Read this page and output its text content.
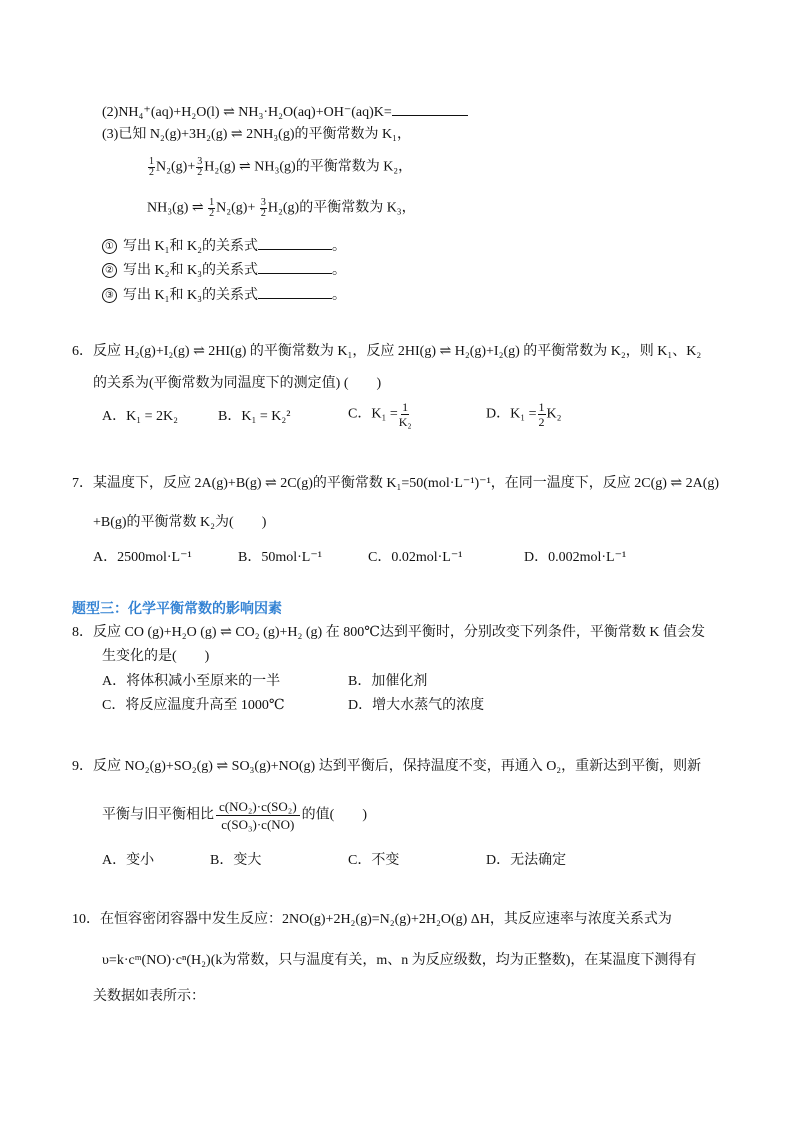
(2)NH₄⁺(aq)+H₂O(l) ⇌ NH₃·H₂O(aq)+OH⁻(aq)K=
(3)已知 N₂(g)+3H₂(g) ⇌ 2NH₃(g)的平衡常数为 K₁，
$\frac{1}{2} N_2(g)+ \frac{3}{2} H_2(g)$ ⇌ NH₃(g)的平衡常数为 K₂，
NH₃(g) ⇌ $\frac{1}{2} N_2(g)+ \frac{3}{2} H_2(g)$的平衡常数为 K₃，
① 写出 K₁和 K₂的关系式	。
② 写出 K₂和 K₃的关系式	。
③ 写出 K₁和 K₃的关系式	。
6．反应 H₂(g)+I₂(g) ⇌ 2HI(g) 的平衡常数为 K₁，反应 2HI(g) ⇌ H₂(g)+I₂(g) 的平衡常数为 K₂，则 K₁、K₂
的关系为(平衡常数为同温度下的测定值) (　　)
A．K₁ = 2K₂	B．K₁ = K₂²	C．$K_1 = \frac{1}{\text{K₂}}$	D．$K_1 = \frac{1}{2} K_2$
7．某温度下，反应 2A(g)+B(g) ⇌ 2C(g)的平衡常数 K₁=50(mol·L⁻¹)⁻¹，在同一温度下，反应 2C(g) ⇌ 2A(g)
+B(g)的平衡常数 K₂为(　　)
A．2500mol·L⁻¹	B．50mol·L⁻¹	C．0.02mol·L⁻¹	D．0.002mol·L⁻¹
题型三：化学平衡常数的影响因素
8．反应 CO (g)+H₂O (g) ⇌ CO₂ (g)+H₂ (g) 在 800℃达到平衡时，分别改变下列条件，平衡常数 K 值会发
生变化的是(　　)
A．将体积减小至原来的一半	B．加催化剂
C．将反应温度升高至 1000℃	D．增大水蒸气的浓度
9．反应 NO₂(g)+SO₂(g) ⇌ SO₃(g)+NO(g) 达到平衡后，保持温度不变，再通入 O₂，重新达到平衡，则新
平衡与旧平衡相比 $\frac{\text{c(NO₂)·c(SO₂)}}{\text{c(SO₃)·c(NO)}}$ 的值(　　)
A．变小	B．变大	C．不变	D．无法确定
10．在恒容密闭容器中发生反应：2NO(g)+2H₂(g)=N₂(g)+2H₂O(g) ΔH，其反应速率与浓度关系式为
υ=k·cᵐ(NO)·cⁿ(H₂)(k为常数，只与温度有关，m、n 为反应级数，均为正整数)，在某温度下测得有
关数据如表所示：
